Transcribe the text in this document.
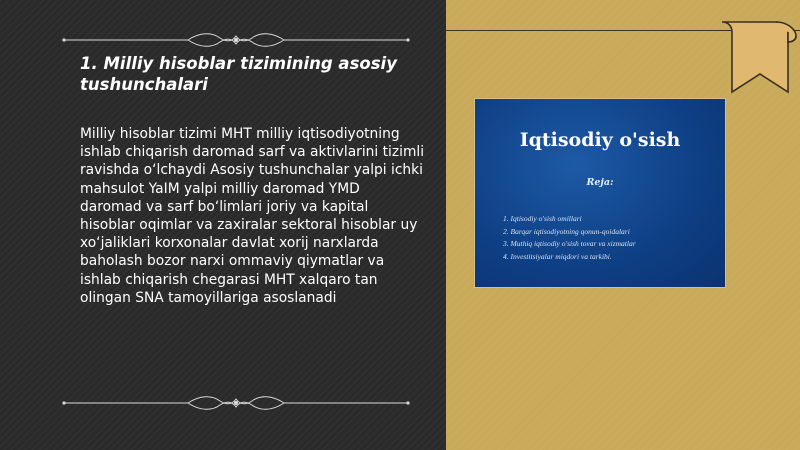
1. Milliy hisoblar tizimining asosiy tushunchalari
Milliy hisoblar tizimi MHT milliy iqtisodiyotning ishlab chiqarish daromad sarf va aktivlarini tizimli ravishda o‘lchaydi Asosiy tushunchalar yalpi ichki mahsulot YaIM yalpi milliy daromad YMD daromad va sarf bo‘limlari joriy va kapital hisoblar oqimlar va zaxiralar sektoral hisoblar uy xo‘jaliklari korxonalar davlat xorij narxlarda baholash bozor narxi ommaviy qiymatlar va ishlab chiqarish chegarasi MHT xalqaro tan olingan SNA tamoyillariga asoslanadi
Iqtisodiy o'sish
Reja:
1. Iqtisodiy o'sish omillari
2. Barqar iqtisodiyotning qonun-qoidalari
3. Muthiq iqtisodiy o'sish tovar va xizmatlar
4. Investitsiyalar miqdori va tarkibi.
